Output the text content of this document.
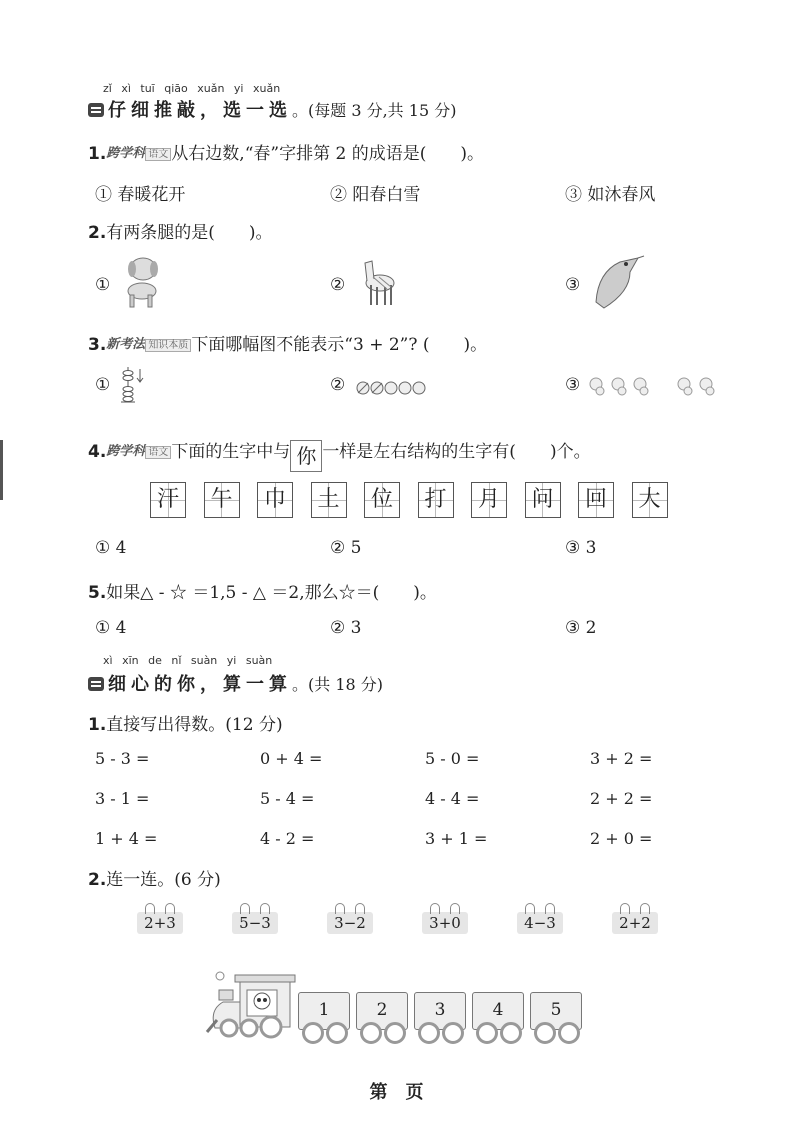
zǐ xì tuī qiāo xuǎn yi xuǎn
仔细推敲，选一选。(每题 3 分,共 15 分)
1.跨学科 语文 从右边数,“春”字排第 2 的成语是(　　)。
① 春暖花开	② 阳春白雪	③ 如沐春风
2.有两条腿的是(　　)。
①	②	③
3.新考法 知识本质 下面哪幅图不能表示“3 + 2”? (　　)。
①	②	③
4.跨学科 语文 下面的生字中与 你 一样是左右结构的生字有(　　)个。
汗	午	巾	土	位	打	月	问	回	大
① 4	② 5	③ 3
5.如果△ - ☆ ＝1,5 - △ ＝2,那么☆＝(　　)。
① 4	② 3	③ 2
xì xīn de nǐ suàn yi suàn
细心的你，算一算。(共 18 分)
1.直接写出得数。(12 分)
5 - 3 =	0 + 4 =	5 - 0 =	3 + 2 =
3 - 1 =	5 - 4 =	4 - 4 =	2 + 2 =
1 + 4 =	4 - 2 =	3 + 1 =	2 + 0 =
2.连一连。(6 分)
2+3	5−3	3−2	3+0	4−3	2+2
1	2	3	4	5
第　页
